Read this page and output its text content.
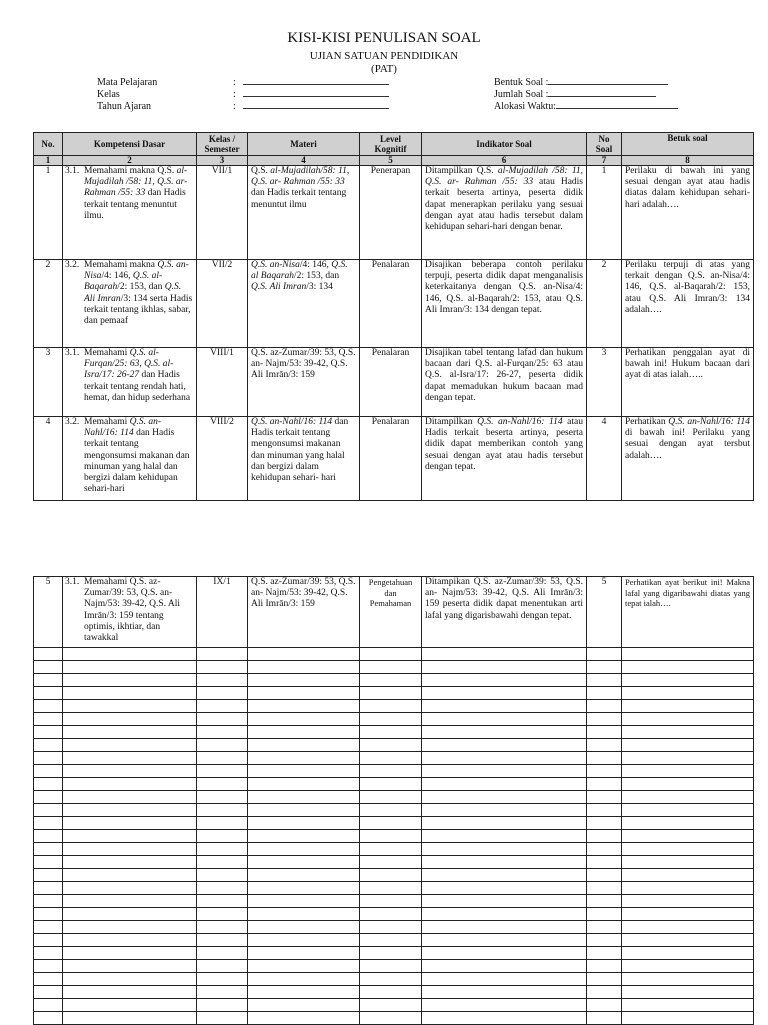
KISI-KISI PENULISAN SOAL
UJIAN SATUAN PENDIDIKAN
(PAT)
Mata Pelajaran	:
Kelas	:
Tahun Ajaran	:
Bentuk Soal :
Jumlah Soal :
Alokasi Waktu:
No.	Kompetensi Dasar	Kelas / Semester	Materi	Level Kognitif	Indikator Soal	No Soal	Betuk soal
1	2	3	4	5	6	7	8
1	3.1. Memahami makna Q.S. al-Mujadilah /58: 11, Q.S. ar-Rahman /55: 33 dan Hadis terkait tentang menuntut ilmu.	VII/1	Q.S. al-Mujadilah/58: 11, Q.S. ar- Rahman /55: 33 dan Hadis terkait tentang menuntut ilmu	Penerapan	Ditampilkan Q.S. al-Mujadilah /58: 11, Q.S. ar- Rahman /55: 33 atau Hadis terkait beserta artinya, peserta didik dapat menerapkan perilaku yang sesuai dengan ayat atau hadis tersebut dalam kehidupan sehari-hari dengan benar.	1	Perilaku di bawah ini yang sesuai dengan ayat atau hadis diatas dalam kehidupan sehari-hari adalah….
2	3.2. Memahami makna Q.S. an-Nisa/4: 146, Q.S. al-Baqarah/2: 153, dan Q.S. Ali Imran/3: 134 serta Hadis terkait tentang ikhlas, sabar, dan pemaaf	VII/2	Q.S. an-Nisa/4: 146, Q.S. al Baqarah/2: 153, dan Q.S. Ali Imran/3: 134	Penalaran	Disajikan beberapa contoh perilaku terpuji, peserta didik dapat menganalisis keterkaitanya dengan Q.S. an-Nisa/4: 146, Q.S. al-Baqarah/2: 153, atau Q.S. Ali Imran/3: 134 dengan tepat.	2	Perilaku terpuji di atas yang terkait dengan Q.S. an-Nisa/4: 146, Q.S. al-Baqarah/2: 153, atau Q.S. Ali Imran/3: 134 adalah….
3	3.1. Memahami Q.S. al-Furqan/25: 63, Q.S. al-Isra/17: 26-27 dan Hadis terkait tentang rendah hati, hemat, dan hidup sederhana	VIII/1	Q.S. az-Zumar/39: 53, Q.S. an- Najm/53: 39-42, Q.S. Ali Imrān/3: 159	Penalaran	Disajikan tabel tentang lafad dan hukum bacaan dari Q.S. al-Furqan/25: 63 atau Q.S. al-Isra/17: 26-27, peserta didik dapat memadukan hukum bacaan mad dengan tepat.	3	Perhatikan penggalan ayat di bawah ini! Hukum bacaan dari ayat di atas ialah…..
4	3.2. Memahami Q.S. an-Nahl/16: 114 dan Hadis terkait tentang mengonsumsi makanan dan minuman yang halal dan bergizi dalam kehidupan sehari-hari	VIII/2	Q.S. an-Nahl/16: 114 dan Hadis terkait tentang mengonsumsi makanan dan minuman yang halal dan bergizi dalam kehidupan sehari- hari	Penalaran	Ditampilkan Q.S. an-Nahl/16: 114 atau Hadis terkait beserta artinya, peserta didik dapat memberikan contoh yang sesuai dengan ayat atau hadis tersebut dengan tepat.	4	Perhatikan Q.S. an-Nahl/16: 114 di bawah ini! Perilaku yang sesuai dengan ayat tersbut adalah….
5	3.1. Memahami Q.S. az-Zumar/39: 53, Q.S. an-Najm/53: 39-42, Q.S. Ali Imrān/3: 159 tentang optimis, ikhtiar, dan tawakkal	IX/1	Q.S. az-Zumar/39: 53, Q.S. an- Najm/53: 39-42, Q.S. Ali Imrān/3: 159	Pengetahuan dan Pemahaman	Ditampikan Q.S. az-Zumar/39: 53, Q.S. an- Najm/53: 39-42, Q.S. Ali Imrān/3: 159 peserta didik dapat menentukan arti lafal yang digarisbawahi dengan tepat.	5	Perhatikan ayat berikut ini! Makna lafal yang digaribawahi diatas yang tepat ialah….
